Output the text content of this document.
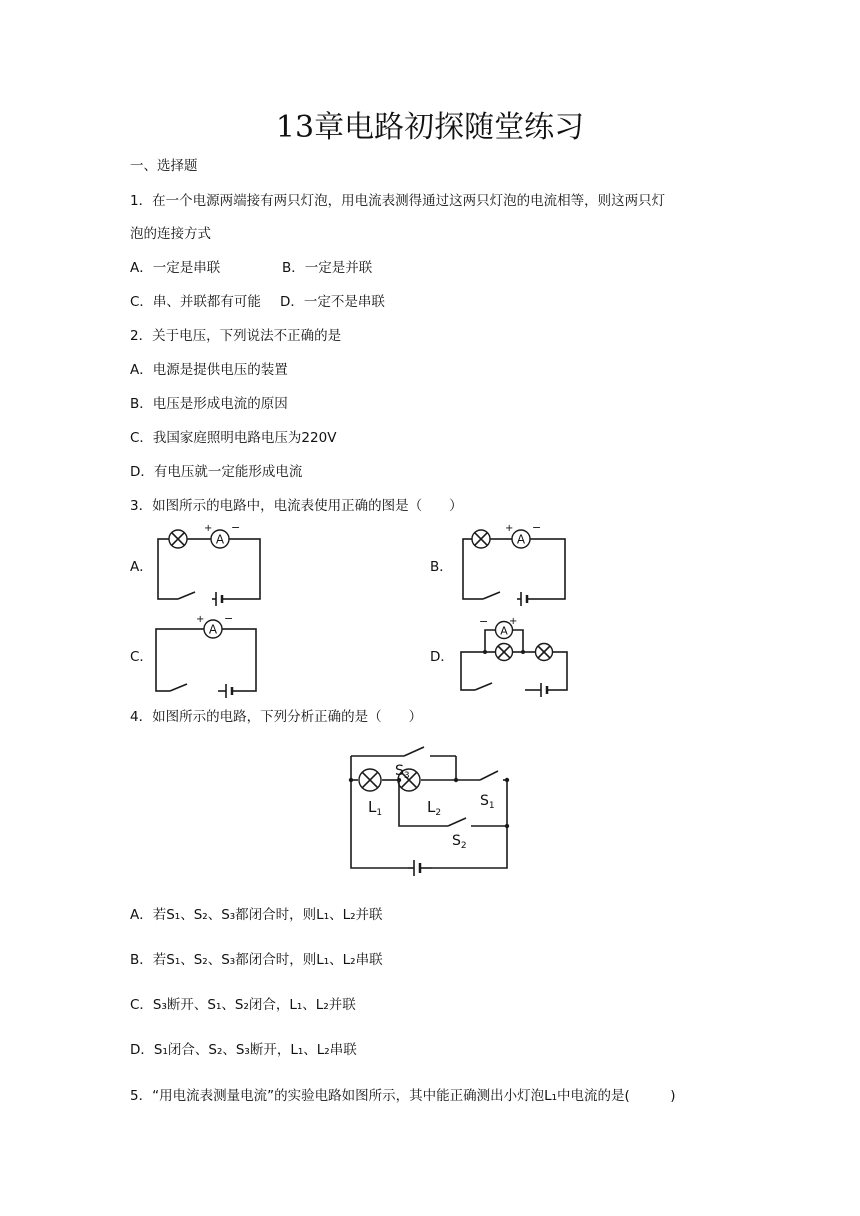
13章电路初探随堂练习
一、选择题
1．在一个电源两端接有两只灯泡，用电流表测得通过这两只灯泡的电流相等，则这两只灯
泡的连接方式
A．一定是串联	B．一定是并联
C．串、并联都有可能 D．一定不是串联
2．关于电压，下列说法不正确的是
A．电源是提供电压的装置
B．电压是形成电流的原因
C．我国家庭照明电路电压为220V
D．有电压就一定能形成电流
3．如图所示的电路中，电流表使用正确的图是（　　）
A．
A
+ −
B．
A
+ −
C．
A
+ −
D．
A
− +
4．如图所示的电路，下列分析正确的是（　　）
$S_3$
$L_1$	$L_2$
$S_1$
$S_2$
A．若S₁、S₂、S₃都闭合时，则L₁、L₂并联
B．若S₁、S₂、S₃都闭合时，则L₁、L₂串联
C．S₃断开、S₁、S₂闭合，L₁、L₂并联
D．S₁闭合、S₂、S₃断开，L₁、L₂串联
5．“用电流表测量电流”的实验电路如图所示，其中能正确测出小灯泡L₁中电流的是(　　　)
